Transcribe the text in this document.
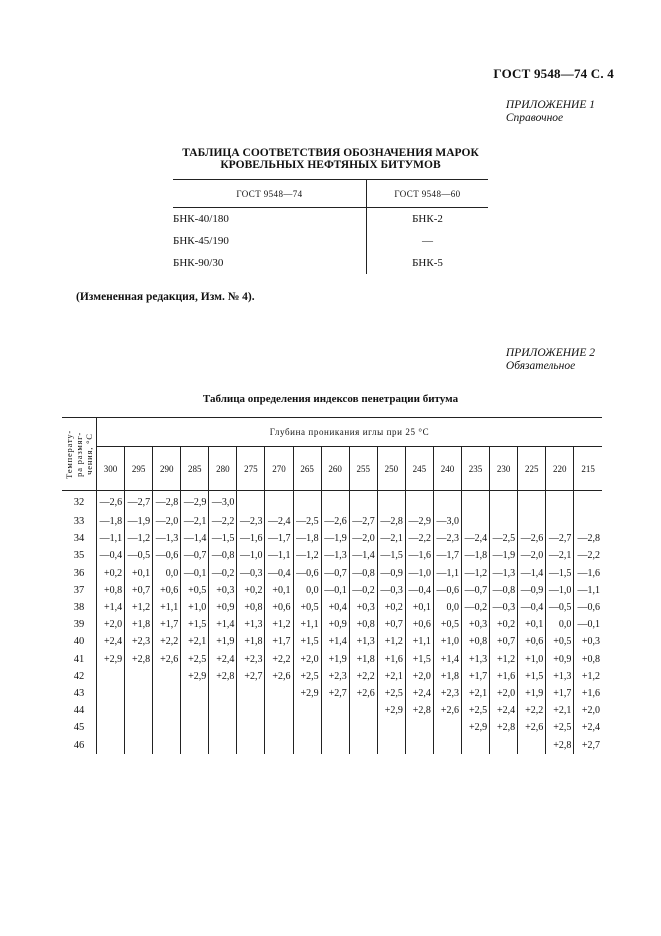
ГОСТ 9548—74 С. 4
ПРИЛОЖЕНИЕ 1
Справочное
ТАБЛИЦА СООТВЕТСТВИЯ ОБОЗНАЧЕНИЯ МАРОК
КРОВЕЛЬНЫХ НЕФТЯНЫХ БИТУМОВ
ГОСТ 9548—74	ГОСТ 9548—60
БНК-40/180	БНК-2
БНК-45/190	—
БНК-90/30	БНК-5
(Измененная редакция, Изм. № 4).
ПРИЛОЖЕНИЕ 2
Обязательное
Таблица определения индексов пенетрации битума
Температу-
ра размяг-
чения, °С	Глубина проникания иглы при 25 °С																	
	300	295	290	285	280	275	270	265	260	255	250	245	240	235	230	225	220	215
32	—2,6	—2,7	—2,8	—2,9	—3,0													
33	—1,8	—1,9	—2,0	—2,1	—2,2	—2,3	—2,4	—2,5	—2,6	—2,7	—2,8	—2,9	—3,0					
34	—1,1	—1,2	—1,3	—1,4	—1,5	—1,6	—1,7	—1,8	—1,9	—2,0	—2,1	—2,2	—2,3	—2,4	—2,5	—2,6	—2,7	—2,8
35	—0,4	—0,5	—0,6	—0,7	—0,8	—1,0	—1,1	—1,2	—1,3	—1,4	—1,5	—1,6	—1,7	—1,8	—1,9	—2,0	—2,1	—2,2
36	+0,2	+0,1	0,0	—0,1	—0,2	—0,3	—0,4	—0,6	—0,7	—0,8	—0,9	—1,0	—1,1	—1,2	—1,3	—1,4	—1,5	—1,6
37	+0,8	+0,7	+0,6	+0,5	+0,3	+0,2	+0,1	0,0	—0,1	—0,2	—0,3	—0,4	—0,6	—0,7	—0,8	—0,9	—1,0	—1,1
38	+1,4	+1,2	+1,1	+1,0	+0,9	+0,8	+0,6	+0,5	+0,4	+0,3	+0,2	+0,1	0,0	—0,2	—0,3	—0,4	—0,5	—0,6
39	+2,0	+1,8	+1,7	+1,5	+1,4	+1,3	+1,2	+1,1	+0,9	+0,8	+0,7	+0,6	+0,5	+0,3	+0,2	+0,1	0,0	—0,1
40	+2,4	+2,3	+2,2	+2,1	+1,9	+1,8	+1,7	+1,5	+1,4	+1,3	+1,2	+1,1	+1,0	+0,8	+0,7	+0,6	+0,5	+0,3
41	+2,9	+2,8	+2,6	+2,5	+2,4	+2,3	+2,2	+2,0	+1,9	+1,8	+1,6	+1,5	+1,4	+1,3	+1,2	+1,0	+0,9	+0,8
42				+2,9	+2,8	+2,7	+2,6	+2,5	+2,3	+2,2	+2,1	+2,0	+1,8	+1,7	+1,6	+1,5	+1,3	+1,2
43								+2,9	+2,7	+2,6	+2,5	+2,4	+2,3	+2,1	+2,0	+1,9	+1,7	+1,6
44											+2,9	+2,8	+2,6	+2,5	+2,4	+2,2	+2,1	+2,0
45														+2,9	+2,8	+2,6	+2,5	+2,4
46																	+2,8	+2,7
